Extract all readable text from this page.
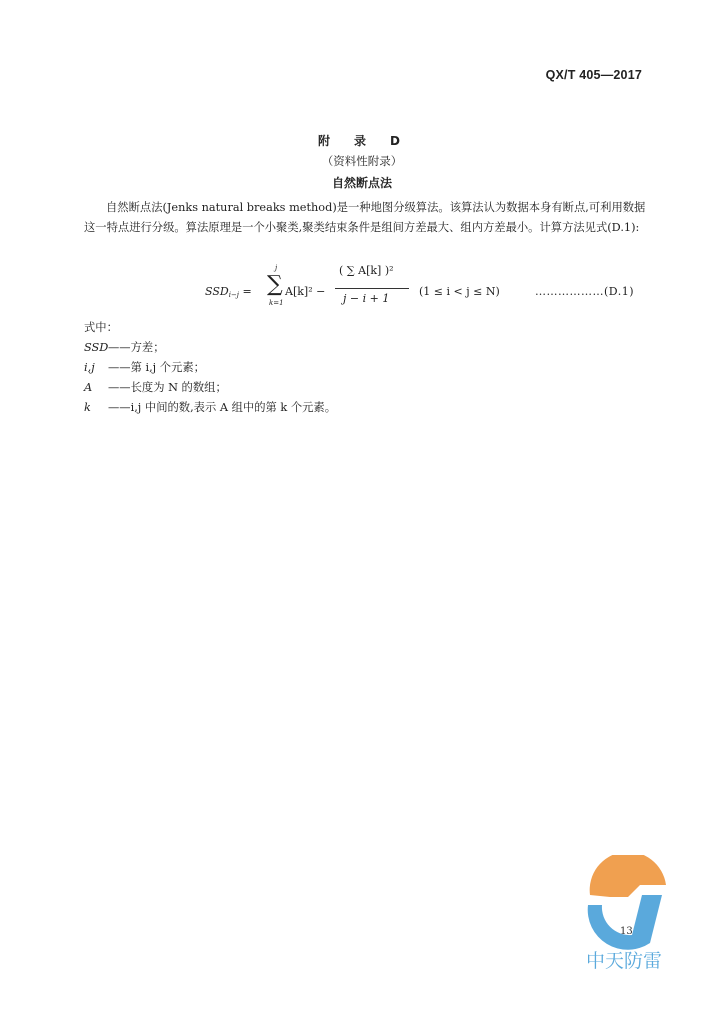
QX/T 405—2017
附　录　D
（资料性附录）
自然断点法

自然断点法(Jenks natural breaks method)是一种地图分级算法。该算法认为数据本身有断点,可利用数据这一特点进行分级。算法原理是一个小聚类,聚类结束条件是组间方差最大、组内方差最小。计算方法见式(D.1):

$SSD_{i-j}$ =
j
∑
k=1
A[k]² −
( ∑ A[k] )²
j − i + 1
(1 ≤ i < j ≤ N)	………………(D.1)
式中：
SSD ——方差；
i,j	——第 i,j 个元素；
A	——长度为 N 的数组；
k	——i,j 中间的数,表示 A 组中的第 k 个元素。
中天防雷
13
